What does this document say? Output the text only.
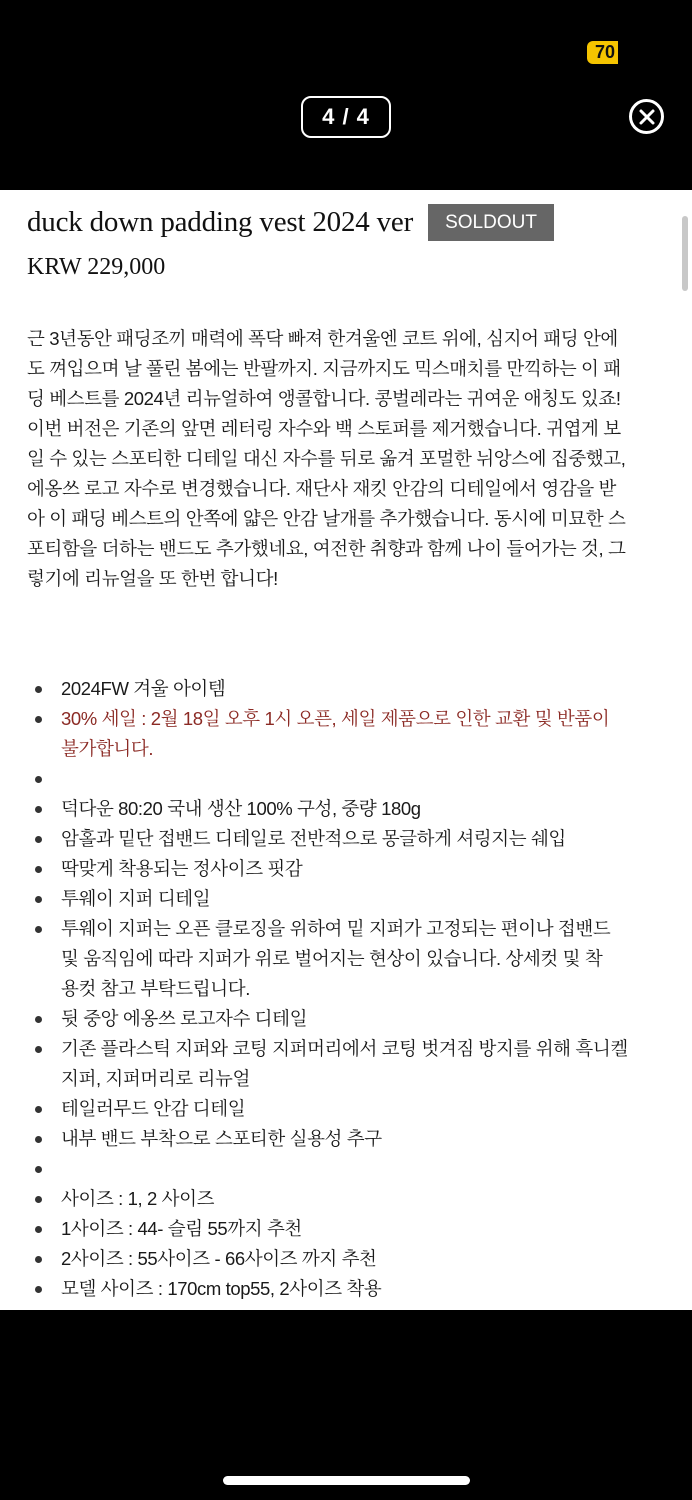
70
4 / 4
duck down padding vest 2024 ver	SOLDOUT
KRW 229,000
근 3년동안 패딩조끼 매력에 폭닥 빠져 한겨울엔 코트 위에, 심지어 패딩 안에
도 껴입으며 날 풀린 봄에는 반팔까지. 지금까지도 믹스매치를 만끽하는 이 패
딩 베스트를 2024년 리뉴얼하여 앵콜합니다. 콩벌레라는 귀여운 애칭도 있죠!
이번 버전은 기존의 앞면 레터링 자수와 백 스토퍼를 제거했습니다. 귀엽게 보
일 수 있는 스포티한 디테일 대신 자수를 뒤로 옮겨 포멀한 뉘앙스에 집중했고,
에옹쓰 로고 자수로 변경했습니다. 재단사 재킷 안감의 디테일에서 영감을 받
아 이 패딩 베스트의 안쪽에 얇은 안감 날개를 추가했습니다. 동시에 미묘한 스
포티함을 더하는 밴드도 추가했네요, 여전한 취향과 함께 나이 들어가는 것, 그
렇기에 리뉴얼을 또 한번 합니다!
2024FW 겨울 아이템
30% 세일 : 2월 18일 오후 1시 오픈, 세일 제품으로 인한 교환 및 반품이
불가합니다.
덕다운 80:20 국내 생산 100% 구성, 중량 180g
암홀과 밑단 접밴드 디테일로 전반적으로 몽글하게 셔링지는 쉐입
딱맞게 착용되는 정사이즈 핏감
투웨이 지퍼 디테일
투웨이 지퍼는 오픈 클로징을 위하여 밑 지퍼가 고정되는 편이나 접밴드
및 움직임에 따라 지퍼가 위로 벌어지는 현상이 있습니다. 상세컷 및 착
용컷 참고 부탁드립니다.
뒷 중앙 에옹쓰 로고자수 디테일
기존 플라스틱 지퍼와 코팅 지퍼머리에서 코팅 벗겨짐 방지를 위해 흑니켈
지퍼, 지퍼머리로 리뉴얼
테일러무드 안감 디테일
내부 밴드 부착으로 스포티한 실용성 추구
사이즈 : 1, 2 사이즈
1사이즈 : 44- 슬림 55까지 추천
2사이즈 : 55사이즈 - 66사이즈 까지 추천
모델 사이즈 : 170cm top55, 2사이즈 착용
